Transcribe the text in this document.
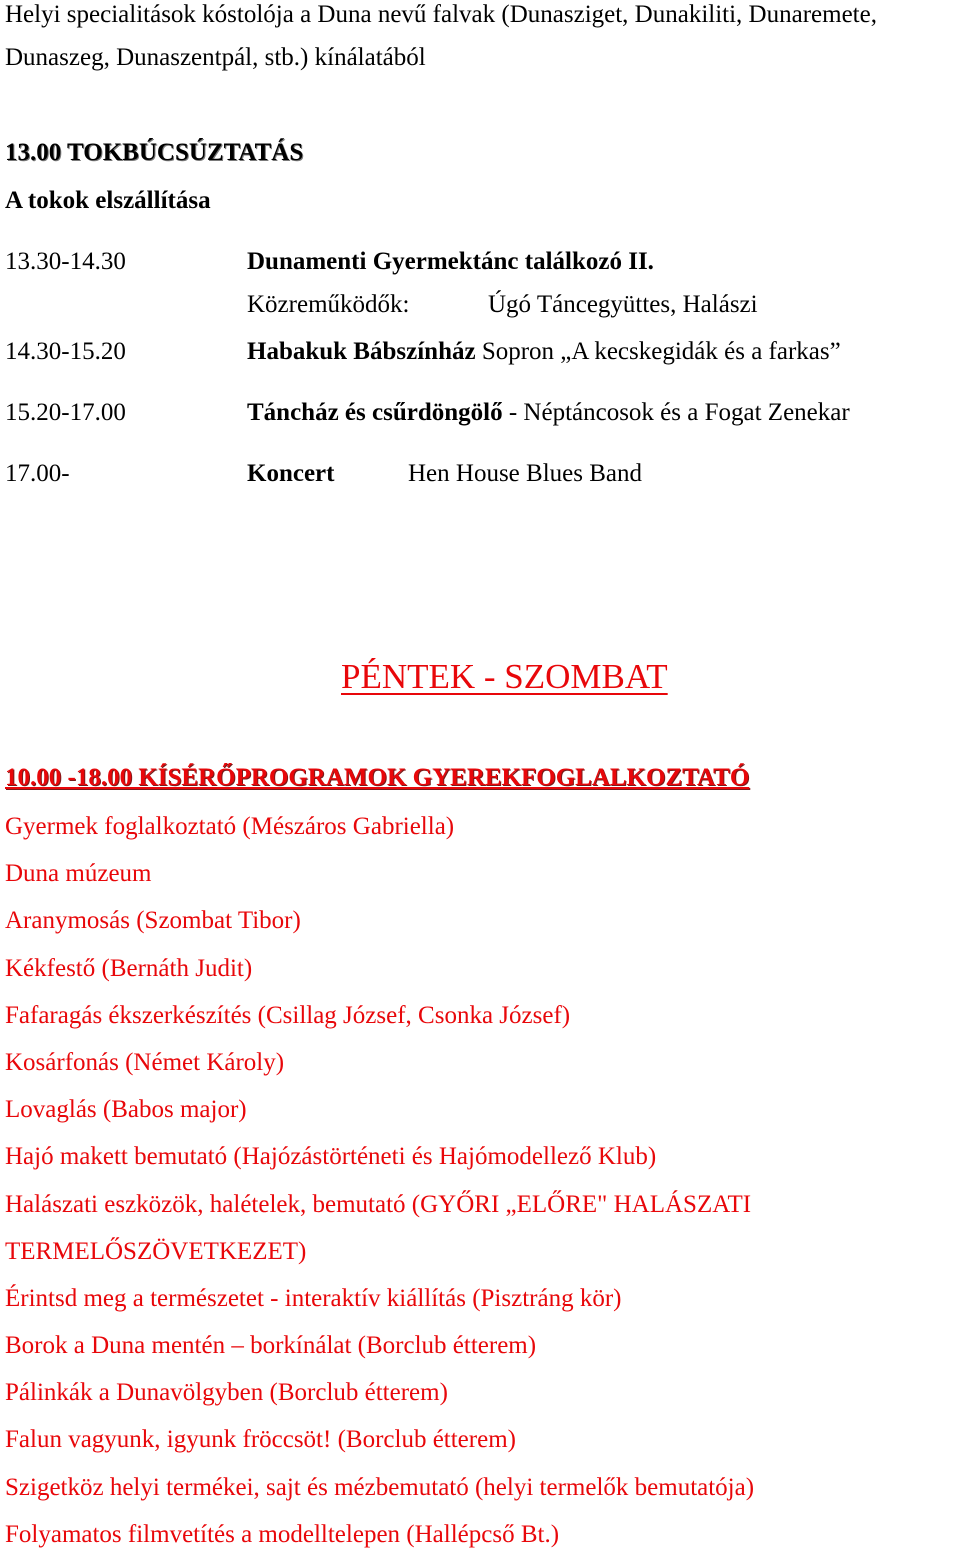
Helyi specialitások kóstolója a Duna nevű falvak (Dunasziget, Dunakiliti, Dunaremete,
Dunaszeg, Dunaszentpál, stb.) kínálatából
13.00 TOKBÚCSÚZTATÁS
A tokok elszállítása
13.30-14.30	Dunamenti Gyermektánc találkozó II.
Közreműködők:	Úgó Táncegyüttes, Halászi
14.30-15.20	Habakuk Bábszínház Sopron „A kecskegidák és a farkas”
15.20-17.00	Táncház és csűrdöngölő - Néptáncosok és a Fogat Zenekar
17.00-	Koncert	Hen House Blues Band
PÉNTEK - SZOMBAT
10.00 -18.00 KÍSÉRŐPROGRAMOK GYEREKFOGLALKOZTATÓ
Gyermek foglalkoztató (Mészáros Gabriella)
Duna múzeum
Aranymosás (Szombat Tibor)
Kékfestő (Bernáth Judit)
Fafaragás ékszerkészítés (Csillag József, Csonka József)
Kosárfonás (Német Károly)
Lovaglás (Babos major)
Hajó makett bemutató (Hajózástörténeti és Hajómodellező Klub)
Halászati eszközök, halételek, bemutató (GYŐRI „ELŐRE" HALÁSZATI
TERMELŐSZÖVETKEZET)
Érintsd meg a természetet - interaktív kiállítás (Pisztráng kör)
Borok a Duna mentén – borkínálat (Borclub étterem)
Pálinkák a Dunavölgyben (Borclub étterem)
Falun vagyunk, igyunk fröccsöt! (Borclub étterem)
Szigetköz helyi termékei, sajt és mézbemutató (helyi termelők bemutatója)
Folyamatos filmvetítés a modelltelepen (Hallépcső Bt.)
